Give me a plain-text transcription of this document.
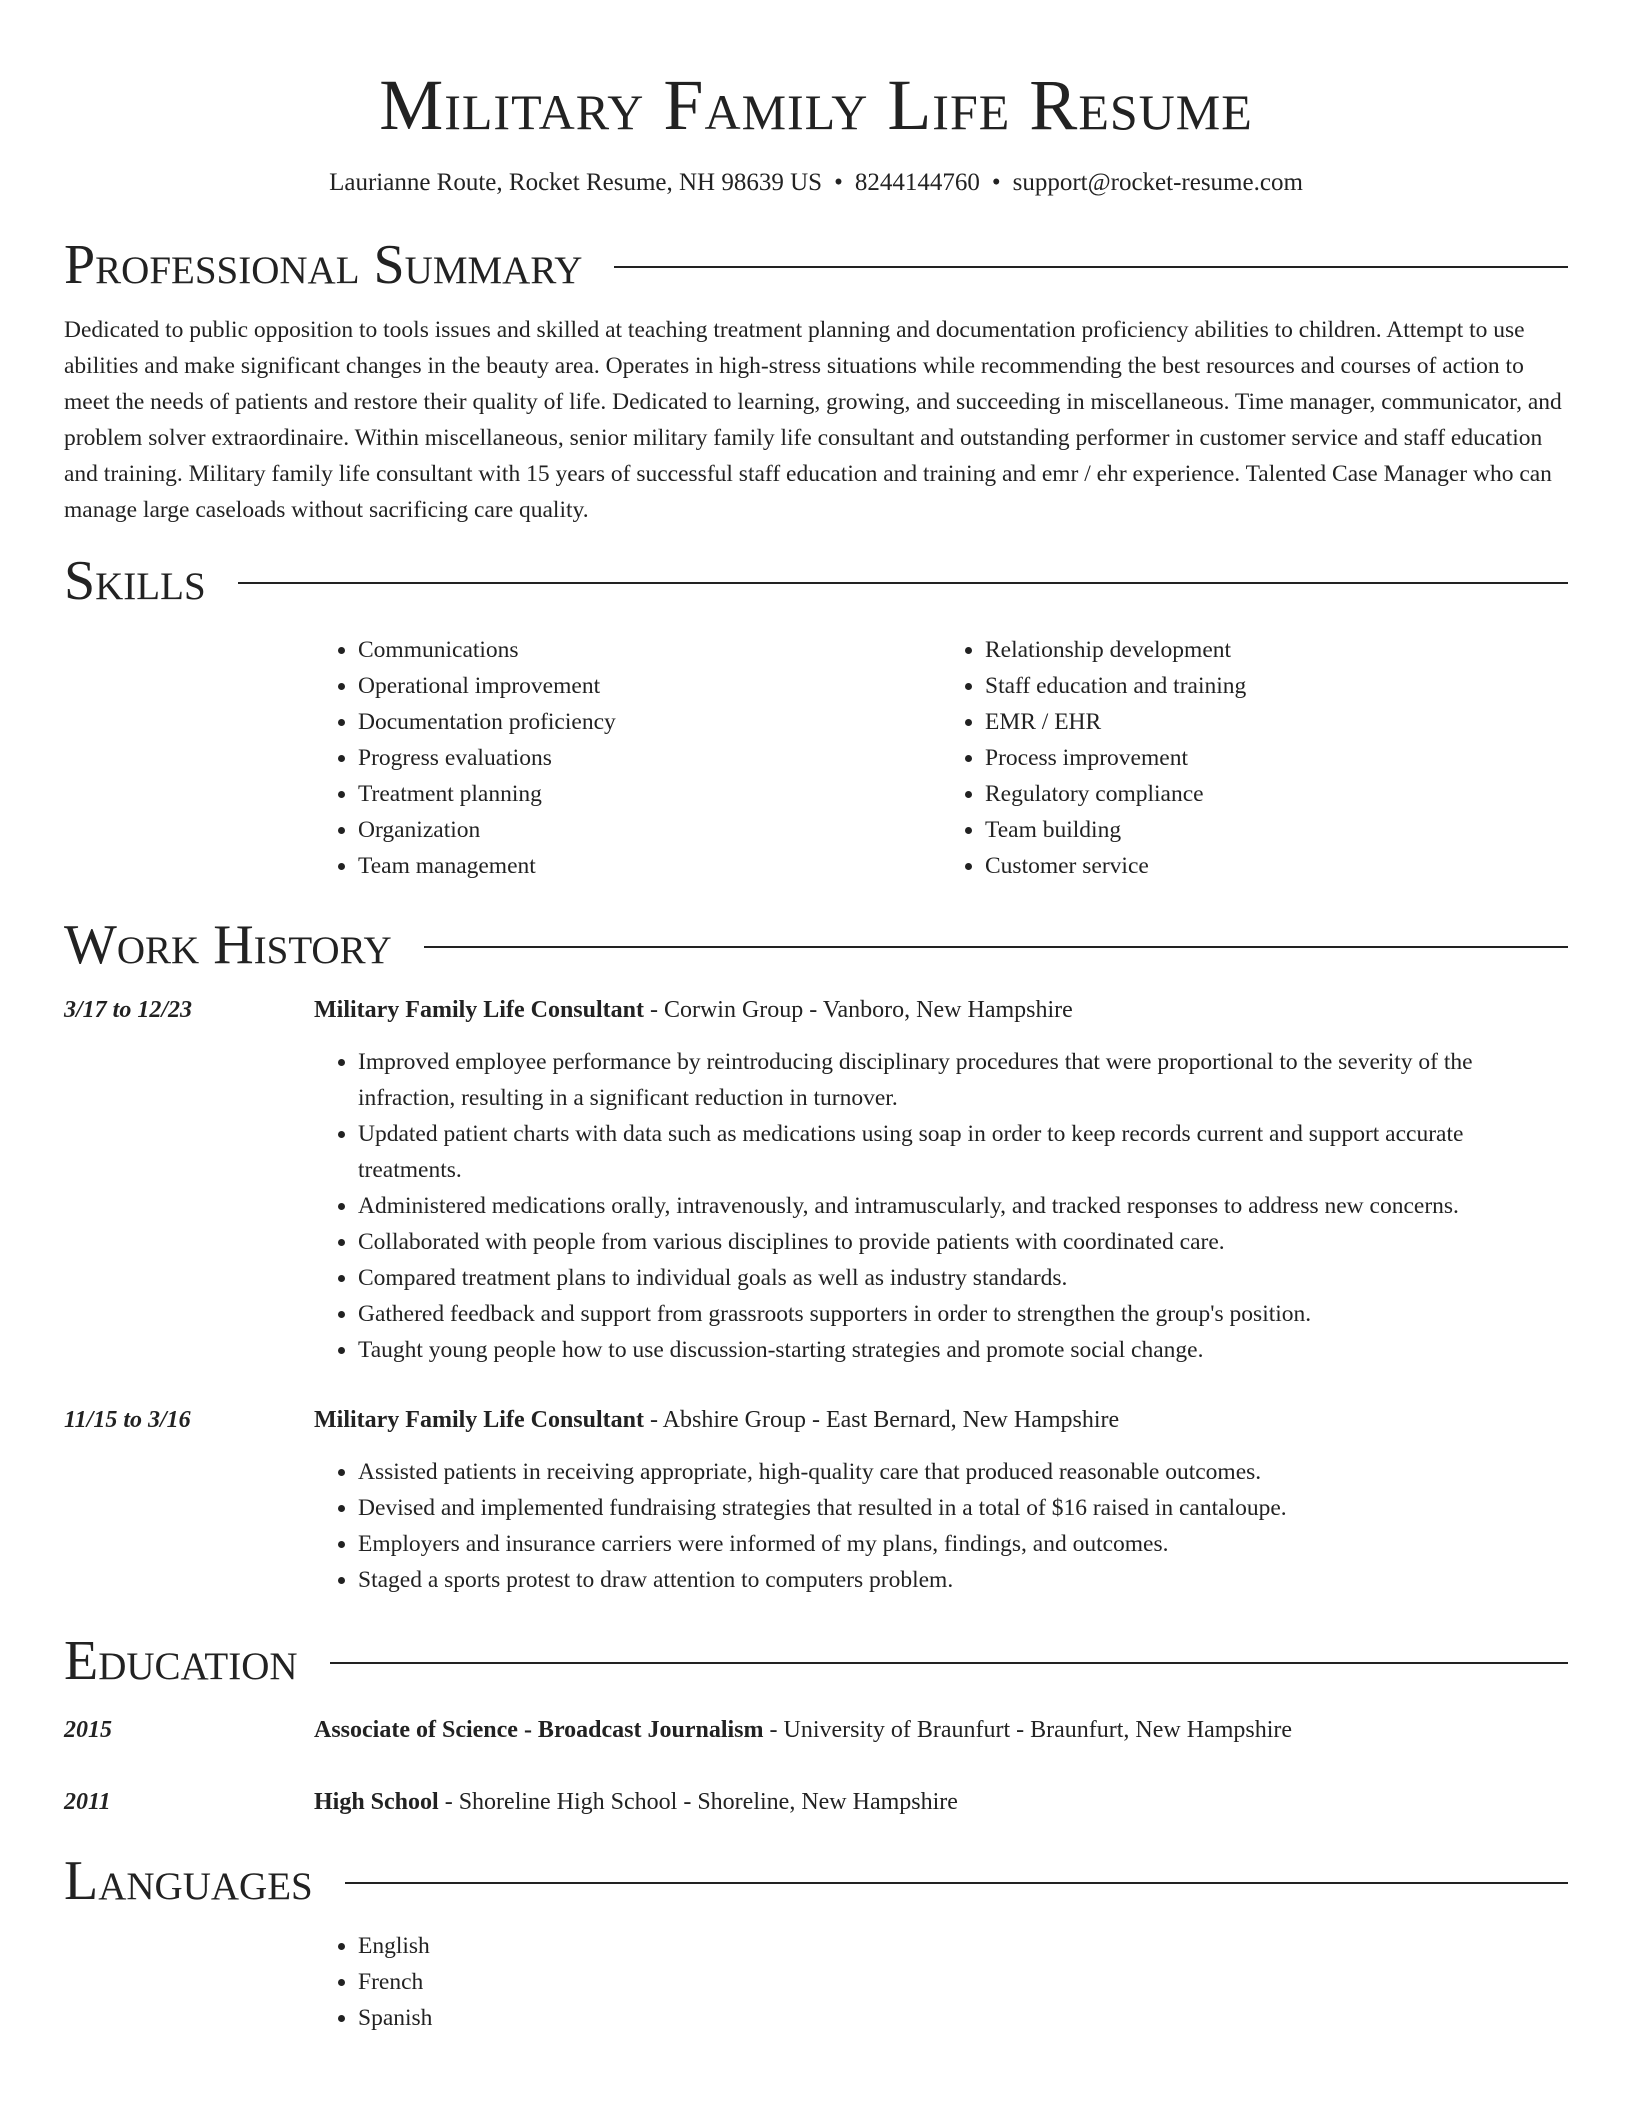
Military Family Life Resume
Laurianne Route, Rocket Resume, NH 98639 US • 8244144760 • support@rocket-resume.com
Professional Summary

Dedicated to public opposition to tools issues and skilled at teaching treatment planning and documentation proficiency abilities to children. Attempt to use abilities and make significant changes in the beauty area. Operates in high-stress situations while recommending the best resources and courses of action to meet the needs of patients and restore their quality of life. Dedicated to learning, growing, and succeeding in miscellaneous. Time manager, communicator, and problem solver extraordinaire. Within miscellaneous, senior military family life consultant and outstanding performer in customer service and staff education and training. Military family life consultant with 15 years of successful staff education and training and emr / ehr experience. Talented Case Manager who can manage large caseloads without sacrificing care quality.

Skills
• Communications
• Operational improvement
• Documentation proficiency
• Progress evaluations
• Treatment planning
• Organization
• Team management
• Relationship development
• Staff education and training
• EMR / EHR
• Process improvement
• Regulatory compliance
• Team building
• Customer service
Work History
3/17 to 12/23	Military Family Life Consultant - Corwin Group - Vanboro, New Hampshire
• Improved employee performance by reintroducing disciplinary procedures that were proportional to the severity of the infraction, resulting in a significant reduction in turnover.
• Updated patient charts with data such as medications using soap in order to keep records current and support accurate treatments.
• Administered medications orally, intravenously, and intramuscularly, and tracked responses to address new concerns.
• Collaborated with people from various disciplines to provide patients with coordinated care.
• Compared treatment plans to individual goals as well as industry standards.
• Gathered feedback and support from grassroots supporters in order to strengthen the group's position.
• Taught young people how to use discussion-starting strategies and promote social change.
11/15 to 3/16	Military Family Life Consultant - Abshire Group - East Bernard, New Hampshire
• Assisted patients in receiving appropriate, high-quality care that produced reasonable outcomes.
• Devised and implemented fundraising strategies that resulted in a total of $16 raised in cantaloupe.
• Employers and insurance carriers were informed of my plans, findings, and outcomes.
• Staged a sports protest to draw attention to computers problem.
Education
2015	Associate of Science - Broadcast Journalism - University of Braunfurt - Braunfurt, New Hampshire
2011	High School - Shoreline High School - Shoreline, New Hampshire
Languages
• English
• French
• Spanish
